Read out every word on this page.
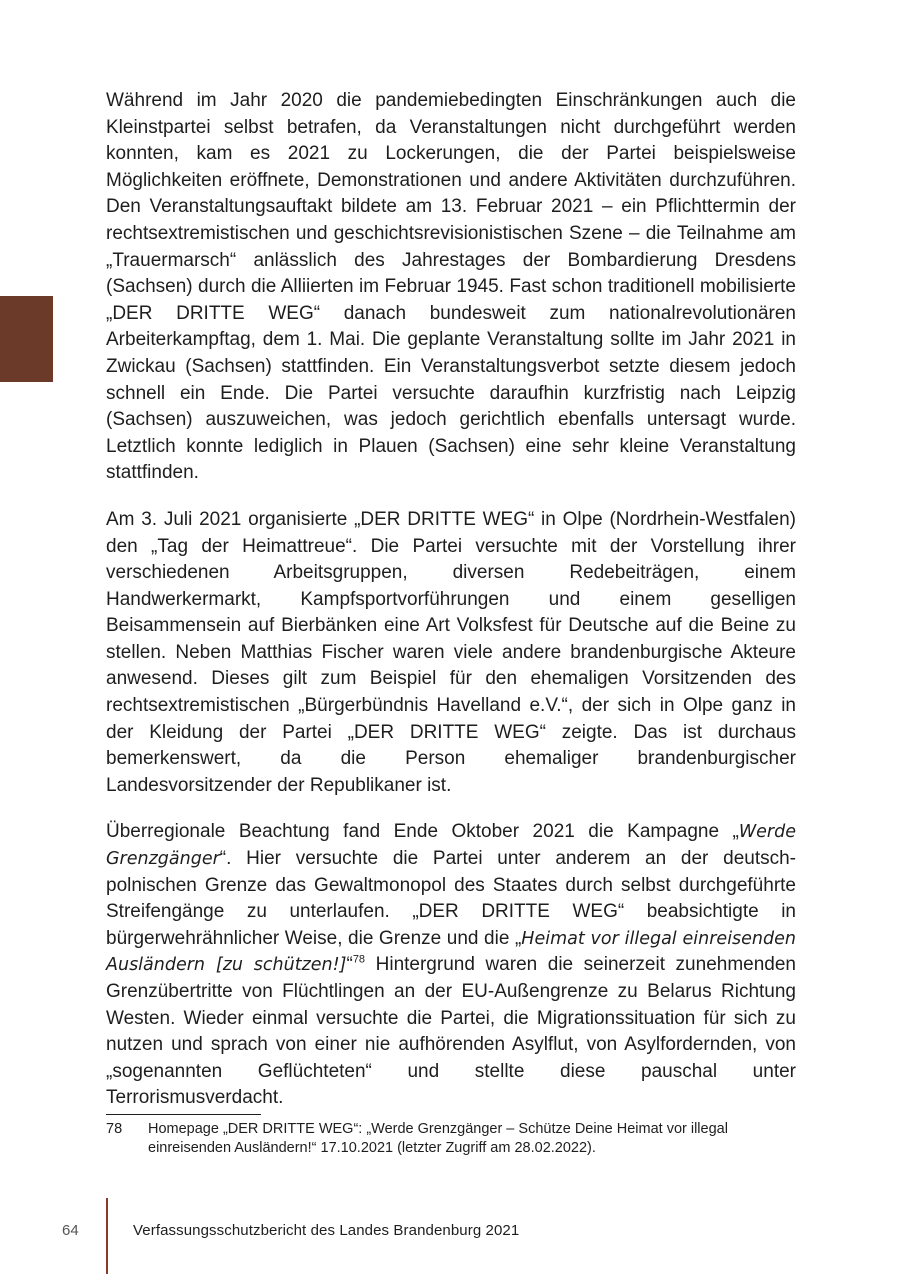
Während im Jahr 2020 die pandemiebedingten Einschränkungen auch die Kleinstpartei selbst betrafen, da Veranstaltungen nicht durchgeführt werden konnten, kam es 2021 zu Lockerungen, die der Partei beispielsweise Möglichkeiten eröffnete, Demonstrationen und andere Aktivitäten durchzuführen. Den Veranstaltungsauftakt bildete am 13. Februar 2021 – ein Pflichttermin der rechtsextremistischen und geschichtsrevisionistischen Szene – die Teilnahme am „Trauermarsch“ anlässlich des Jahrestages der Bombardierung Dresdens (Sachsen) durch die Alliierten im Februar 1945. Fast schon traditionell mobilisierte „DER DRITTE WEG“ danach bundesweit zum nationalrevolutionären Arbeiterkampftag, dem 1. Mai. Die geplante Veranstaltung sollte im Jahr 2021 in Zwickau (Sachsen) stattfinden. Ein Veranstaltungsverbot setzte diesem jedoch schnell ein Ende. Die Partei versuchte daraufhin kurzfristig nach Leipzig (Sachsen) auszuweichen, was jedoch gerichtlich ebenfalls untersagt wurde. Letztlich konnte lediglich in Plauen (Sachsen) eine sehr kleine Veranstaltung stattfinden.

Am 3. Juli 2021 organisierte „DER DRITTE WEG“ in Olpe (Nordrhein-Westfalen) den „Tag der Heimattreue“. Die Partei versuchte mit der Vorstellung ihrer verschiedenen Arbeitsgruppen, diversen Redebeiträgen, einem Handwerkermarkt, Kampfsportvorführungen und einem geselligen Beisammensein auf Bierbänken eine Art Volksfest für Deutsche auf die Beine zu stellen. Neben Matthias Fischer waren viele andere brandenburgische Akteure anwesend. Dieses gilt zum Beispiel für den ehemaligen Vorsitzenden des rechtsextremistischen „Bürgerbündnis Havelland e.V.“, der sich in Olpe ganz in der Kleidung der Partei „DER DRITTE WEG“ zeigte. Das ist durchaus bemerkenswert, da die Person ehemaliger brandenburgischer Landesvorsitzender der Republikaner ist.

Überregionale Beachtung fand Ende Oktober 2021 die Kampagne „Werde Grenzgänger“. Hier versuchte die Partei unter anderem an der deutsch-polnischen Grenze das Gewaltmonopol des Staates durch selbst durchgeführte Streifengänge zu unterlaufen. „DER DRITTE WEG“ beabsichtigte in bürgerwehrähnlicher Weise, die Grenze und die „Heimat vor illegal einreisenden Ausländern [zu schützen!]“$^{78}$ Hintergrund waren die seinerzeit zunehmenden Grenzübertritte von Flüchtlingen an der EU-Außengrenze zu Belarus Richtung Westen. Wieder einmal versuchte die Partei, die Migrationssituation für sich zu nutzen und sprach von einer nie aufhörenden Asylflut, von Asylfordernden, von „sogenannten Geflüchteten“ und stellte diese pauschal unter Terrorismusverdacht.

78	Homepage „DER DRITTE WEG“: „Werde Grenzgänger – Schütze Deine Heimat vor illegal einreisenden Ausländern!“ 17.10.2021 (letzter Zugriff am 28.02.2022).
64	Verfassungsschutzbericht des Landes Brandenburg 2021
